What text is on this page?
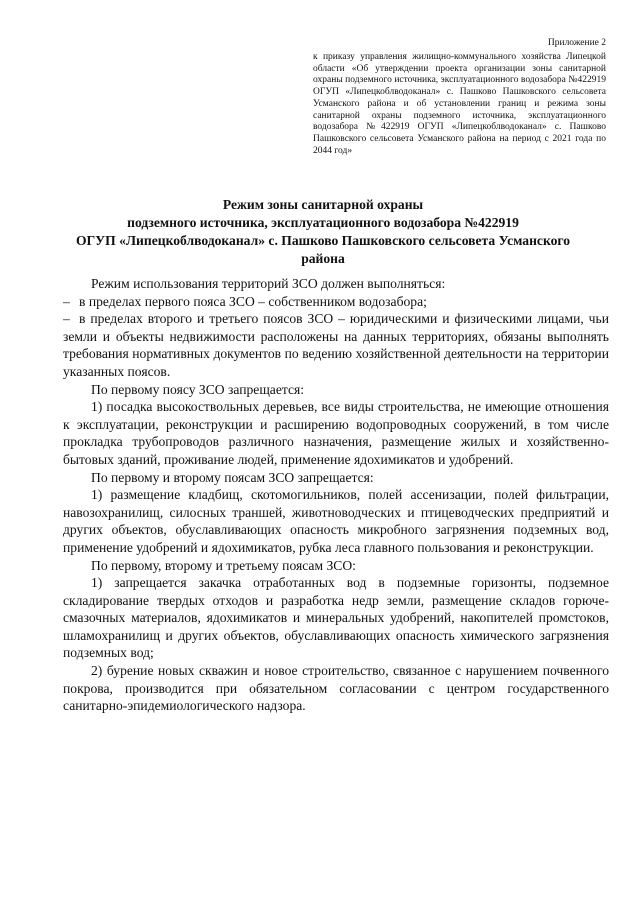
Приложение 2
к приказу управления жилищно-коммунального хозяйства Липецкой области «Об утверждении проекта организации зоны санитарной охраны подземного источника, эксплуатационного водозабора №422919 ОГУП «Липецкоблводоканал» с. Пашково Пашковского сельсовета Усманского района и об установлении границ и режима зоны санитарной охраны подземного источника, эксплуатационного водозабора №422919 ОГУП «Липецкоблводоканал» с. Пашково Пашковского сельсовета Усманского района на период с 2021 года по 2044 год»
Режим зоны санитарной охраны
подземного источника, эксплуатационного водозабора №422919
ОГУП «Липецкоблводоканал» с. Пашково Пашковского сельсовета Усманского
района

Режим использования территорий ЗСО должен выполняться:

– в пределах первого пояса ЗСО – собственником водозабора;

– в пределах второго и третьего поясов ЗСО – юридическими и физическими лицами, чьи земли и объекты недвижимости расположены на данных территориях, обязаны выполнять требования нормативных документов по ведению хозяйственной деятельности на территории указанных поясов.

По первому поясу ЗСО запрещается:

1) посадка высокоствольных деревьев, все виды строительства, не имеющие отношения к эксплуатации, реконструкции и расширению водопроводных сооружений, в том числе прокладка трубопроводов различного назначения, размещение жилых и хозяйственно-бытовых зданий, проживание людей, применение ядохимикатов и удобрений.

По первому и второму поясам ЗСО запрещается:

1) размещение кладбищ, скотомогильников, полей ассенизации, полей фильтрации, навозохранилищ, силосных траншей, животноводческих и птицеводческих предприятий и других объектов, обуславливающих опасность микробного загрязнения подземных вод, применение удобрений и ядохимикатов, рубка леса главного пользования и реконструкции.

По первому, второму и третьему поясам ЗСО:

1) запрещается закачка отработанных вод в подземные горизонты, подземное складирование твердых отходов и разработка недр земли, размещение складов горюче-смазочных материалов, ядохимикатов и минеральных удобрений, накопителей промстоков, шламохранилищ и других объектов, обуславливающих опасность химического загрязнения подземных вод;

2) бурение новых скважин и новое строительство, связанное с нарушением почвенного покрова, производится при обязательном согласовании с центром государственного санитарно-эпидемиологического надзора.
